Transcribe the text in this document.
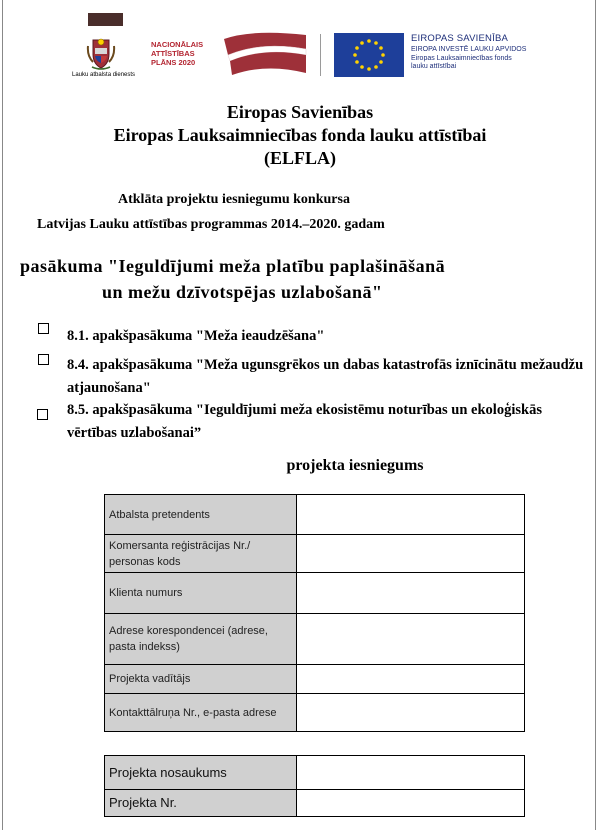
Lauku atbalsta dienests
NACIONĀLAIS
ATTĪSTĪBAS
PLĀNS 2020
EIROPAS SAVIENĪBA
EIROPA INVESTĒ LAUKU APVIDOS
Eiropas Lauksaimniecības fonds
lauku attīstībai
Eiropas Savienības
Eiropas Lauksaimniecības fonda lauku attīstībai
(ELFLA)
Atklāta projektu iesniegumu konkursa
Latvijas Lauku attīstības programmas 2014.–2020. gadam
pasākuma "Ieguldījumi meža platību paplašināšanā
un mežu dzīvotspējas uzlabošanā"
8.1. apakšpasākuma "Meža ieaudzēšana"
8.4. apakšpasākuma "Meža ugunsgrēkos un dabas katastrofās iznīcinātu mežaudžu atjaunošana"
8.5. apakšpasākuma "Ieguldījumi meža ekosistēmu noturības un ekoloģiskās vērtības uzlabošanai”
projekta iesniegums
Atbalsta pretendents	
Komersanta reģistrācijas Nr./ personas kods	
Klienta numurs	
Adrese korespondencei (adrese, pasta indekss)	
Projekta vadītājs	
Kontakttālruņa Nr., e-pasta adrese	
Projekta nosaukums	
Projekta Nr.	
